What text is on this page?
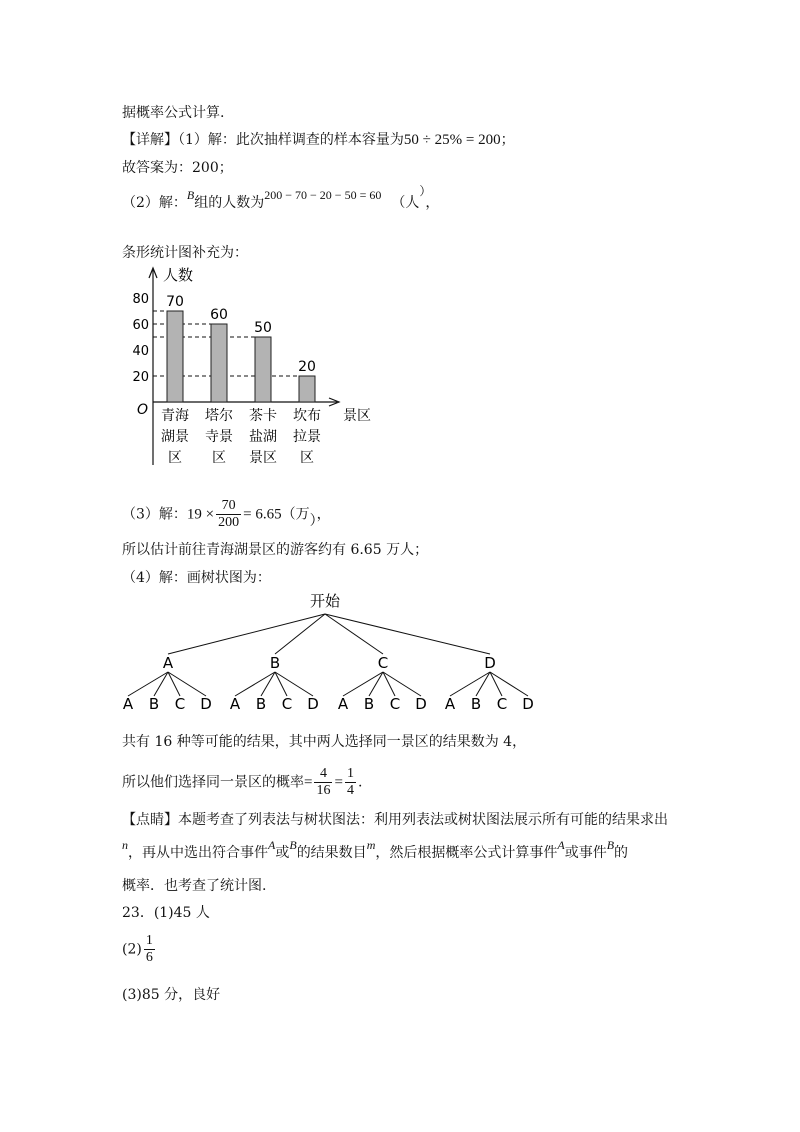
据概率公式计算.
【详解】（1）解：此次抽样调查的样本容量为50 ÷ 25% = 200；
故答案为：200；
（2）解：B组的人数为200 − 70 − 20 − 50 = 60 （人），
条形统计图补充为：
人数
景区
O
80
60
40
20
70
青海
湖景
区
60
塔尔
寺景
区
50
茶卡
盐湖
景区
20
坎布
拉景
区
（3）解：$19 \times \frac{70}{200} = 6.65$（万），
所以估计前往青海湖景区的游客约有 6.65 万人；
（4）解：画树状图为：
开始
A
A B C D
B
A B C D
C
A B C D
D
A B C D
共有 16 种等可能的结果，其中两人选择同一景区的结果数为 4，
所以他们选择同一景区的概率= $\frac{4}{16} = \frac{1}{4}$ .
【点睛】本题考查了列表法与树状图法：利用列表法或树状图法展示所有可能的结果求出
n，再从中选出符合事件A或B的结果数目m，然后根据概率公式计算事件A或事件B的
概率．也考查了统计图.
23．(1)45 人
$(2) \frac{1}{6}$
(3)85 分，良好
